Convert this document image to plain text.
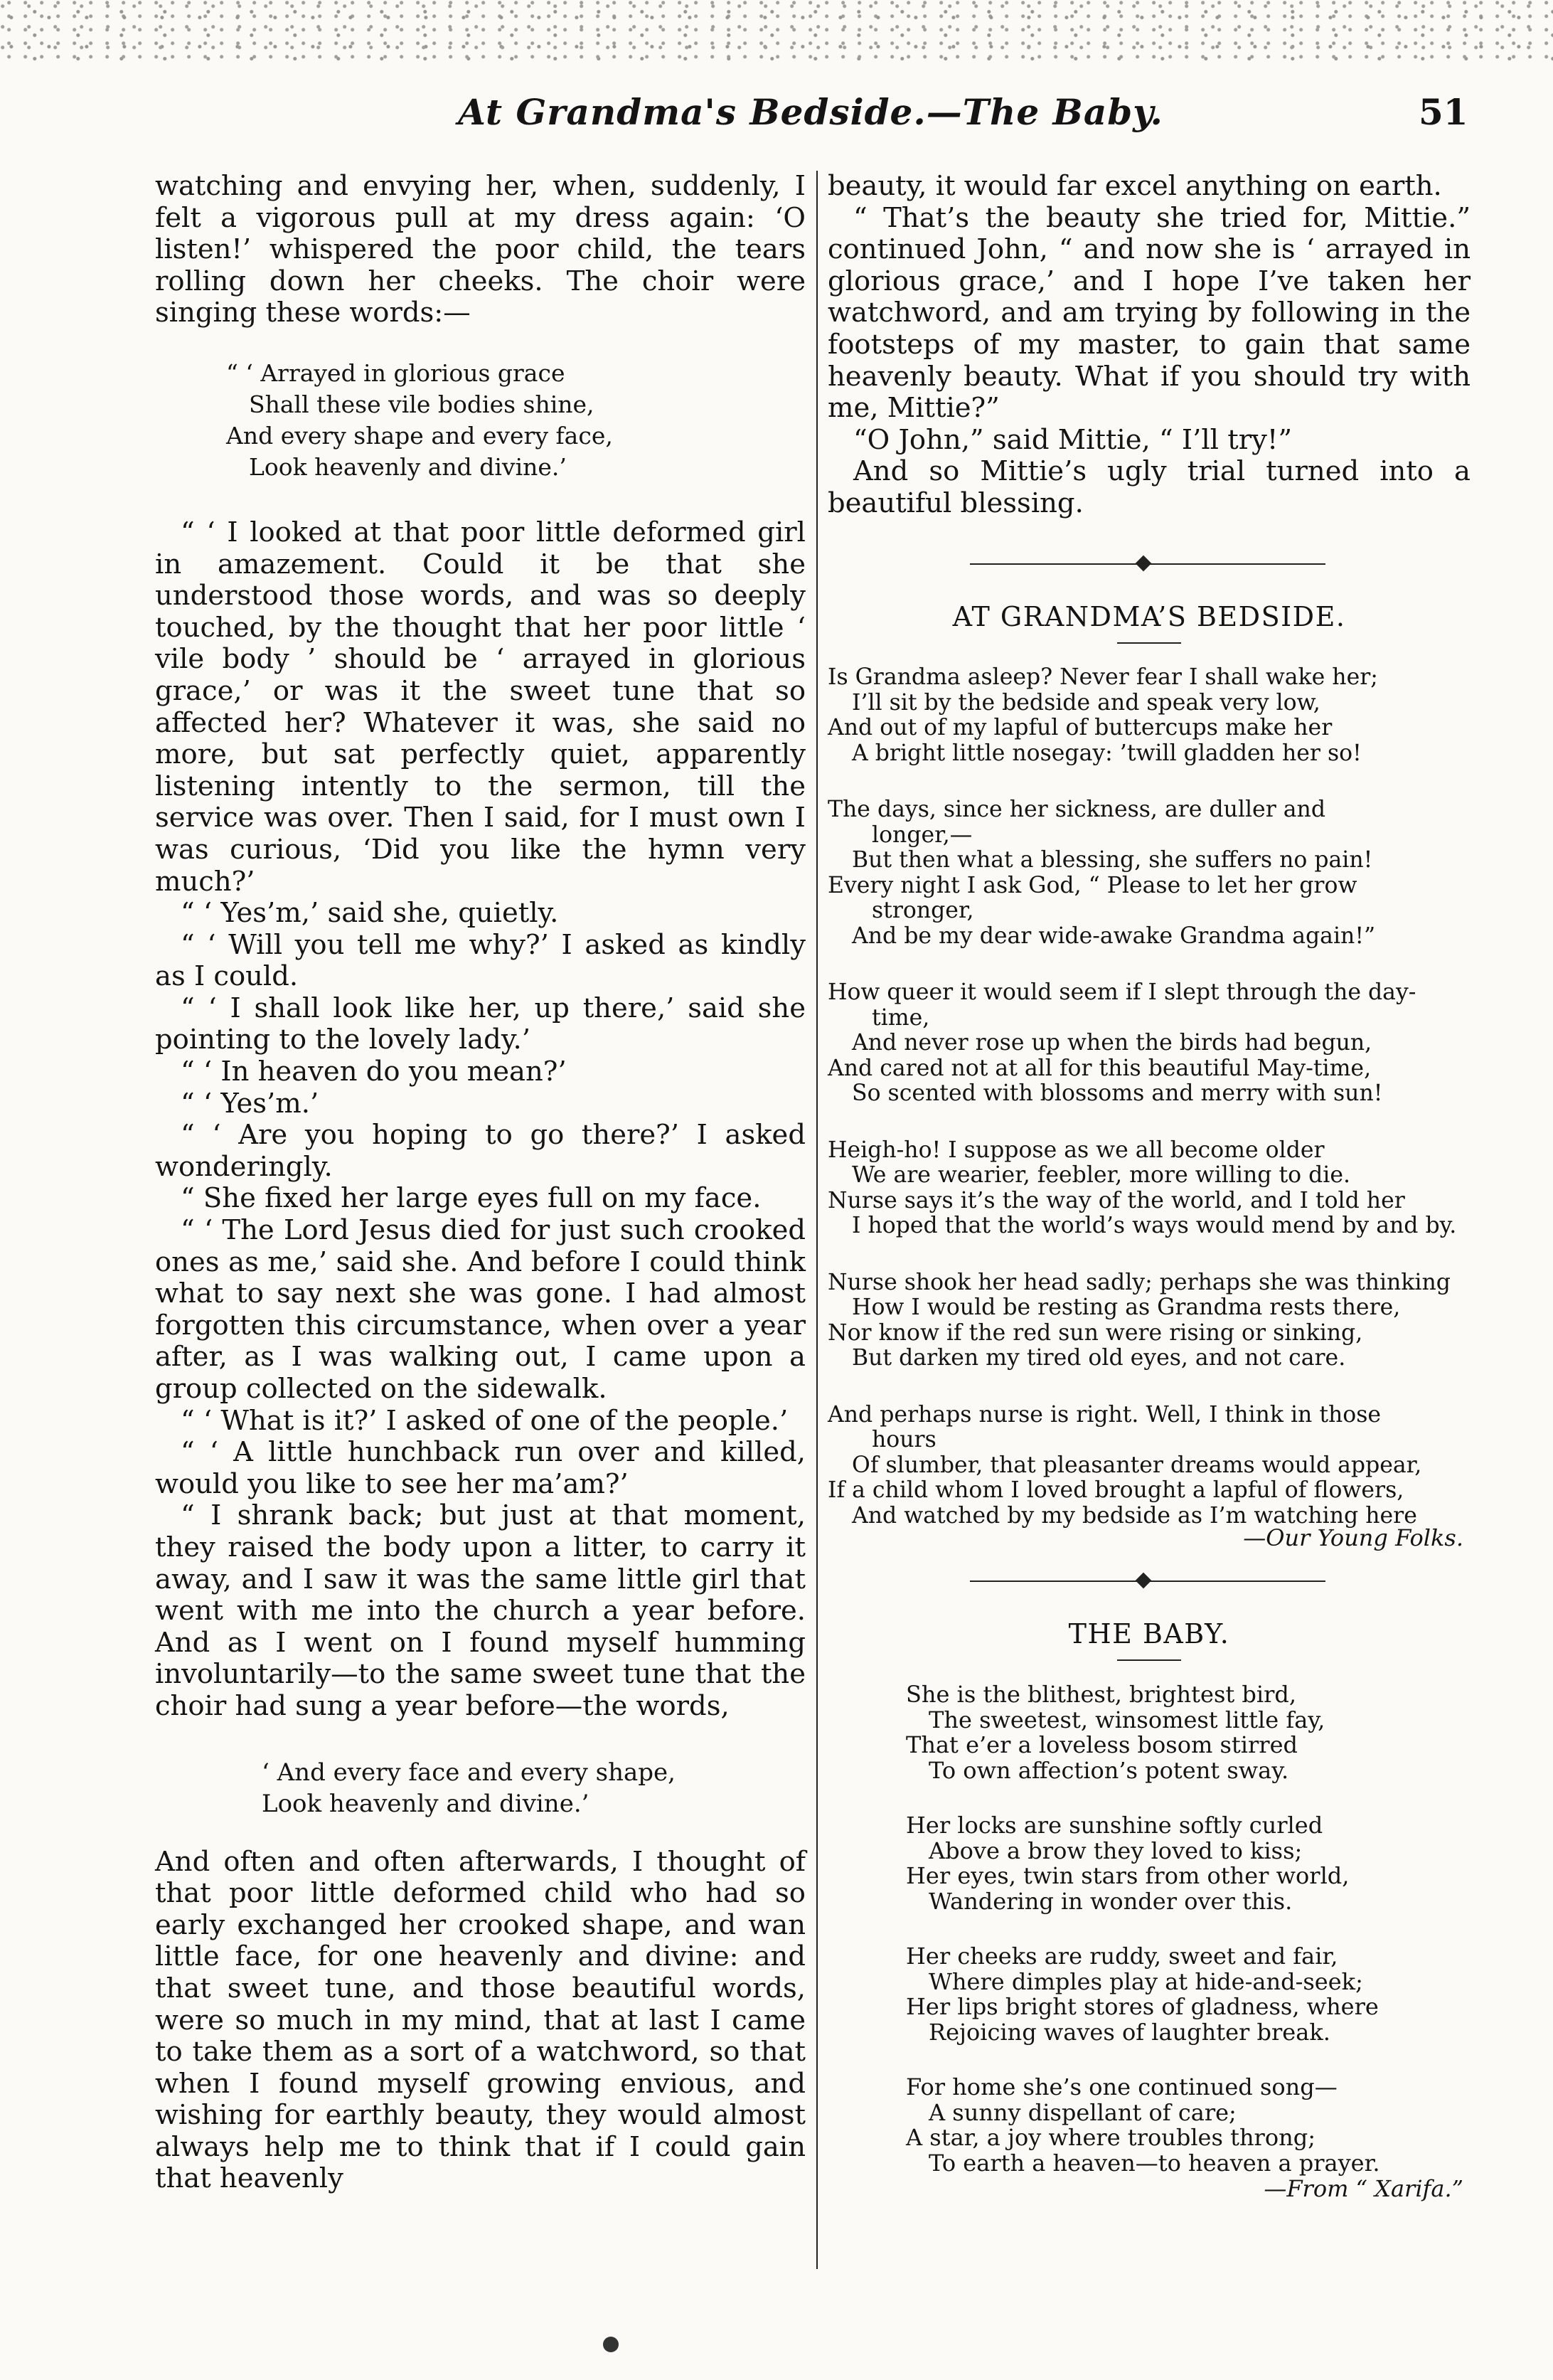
At Grandma's Bedside.—The Baby.	51

watching and envying her, when, suddenly, I felt a vigorous pull at my dress again: ‘O listen!’ whispered the poor child, the tears rolling down her cheeks. The choir were singing these words:—

“ ‘ Arrayed in glorious grace
Shall these vile bodies shine,
And every shape and every face,
Look heavenly and divine.’

“ ‘ I looked at that poor little deformed girl in amazement. Could it be that she understood those words, and was so deeply touched, by the thought that her poor little ‘ vile body ’ should be ‘ arrayed in glorious grace,’ or was it the sweet tune that so affected her? Whatever it was, she said no more, but sat perfectly quiet, apparently listening intently to the sermon, till the service was over. Then I said, for I must own I was curious, ‘Did you like the hymn very much?’

“ ‘ Yes’m,’ said she, quietly.

“ ‘ Will you tell me why?’ I asked as kindly as I could.

“ ‘ I shall look like her, up there,’ said she pointing to the lovely lady.’

“ ‘ In heaven do you mean?’

“ ‘ Yes’m.’

“ ‘ Are you hoping to go there?’ I asked wonderingly.

“ She fixed her large eyes full on my face.

“ ‘ The Lord Jesus died for just such crooked ones as me,’ said she. And before I could think what to say next she was gone. I had almost forgotten this circumstance, when over a year after, as I was walking out, I came upon a group collected on the sidewalk.

“ ‘ What is it?’ I asked of one of the people.’

“ ‘ A little hunchback run over and killed, would you like to see her ma’am?’

“ I shrank back; but just at that moment, they raised the body upon a litter, to carry it away, and I saw it was the same little girl that went with me into the church a year before. And as I went on I found myself humming involuntarily—to the same sweet tune that the choir had sung a year before—the words,

‘ And every face and every shape,
Look heavenly and divine.’

And often and often afterwards, I thought of that poor little deformed child who had so early exchanged her crooked shape, and wan little face, for one heavenly and divine: and that sweet tune, and those beautiful words, were so much in my mind, that at last I came to take them as a sort of a watchword, so that when I found myself growing envious, and wishing for earthly beauty, they would almost always help me to think that if I could gain that heavenly

beauty, it would far excel anything on earth.

“ That’s the beauty she tried for, Mittie.” continued John, “ and now she is ‘ arrayed in glorious grace,’ and I hope I’ve taken her watchword, and am trying by following in the footsteps of my master, to gain that same heavenly beauty. What if you should try with me, Mittie?”

“O John,” said Mittie, “ I’ll try!”

And so Mittie’s ugly trial turned into a beautiful blessing.

AT GRANDMA’S BEDSIDE.
Is Grandma asleep? Never fear I shall wake her;
I’ll sit by the bedside and speak very low,
And out of my lapful of buttercups make her
A bright little nosegay: ’twill gladden her so!
The days, since her sickness, are duller and
longer,—
But then what a blessing, she suffers no pain!
Every night I ask God, “ Please to let her grow
stronger,
And be my dear wide-awake Grandma again!”
How queer it would seem if I slept through the day-
time,
And never rose up when the birds had begun,
And cared not at all for this beautiful May-time,
So scented with blossoms and merry with sun!
Heigh-ho! I suppose as we all become older
We are wearier, feebler, more willing to die.
Nurse says it’s the way of the world, and I told her
I hoped that the world’s ways would mend by and by.
Nurse shook her head sadly; perhaps she was thinking
How I would be resting as Grandma rests there,
Nor know if the red sun were rising or sinking,
But darken my tired old eyes, and not care.
And perhaps nurse is right. Well, I think in those
hours
Of slumber, that pleasanter dreams would appear,
If a child whom I loved brought a lapful of flowers,
And watched by my bedside as I’m watching here
—Our Young Folks.
THE BABY.
She is the blithest, brightest bird,
The sweetest, winsomest little fay,
That e’er a loveless bosom stirred
To own affection’s potent sway.
Her locks are sunshine softly curled
Above a brow they loved to kiss;
Her eyes, twin stars from other world,
Wandering in wonder over this.
Her cheeks are ruddy, sweet and fair,
Where dimples play at hide-and-seek;
Her lips bright stores of gladness, where
Rejoicing waves of laughter break.
For home she’s one continued song—
A sunny dispellant of care;
A star, a joy where troubles throng;
To earth a heaven—to heaven a prayer.
—From “ Xarifa.”
